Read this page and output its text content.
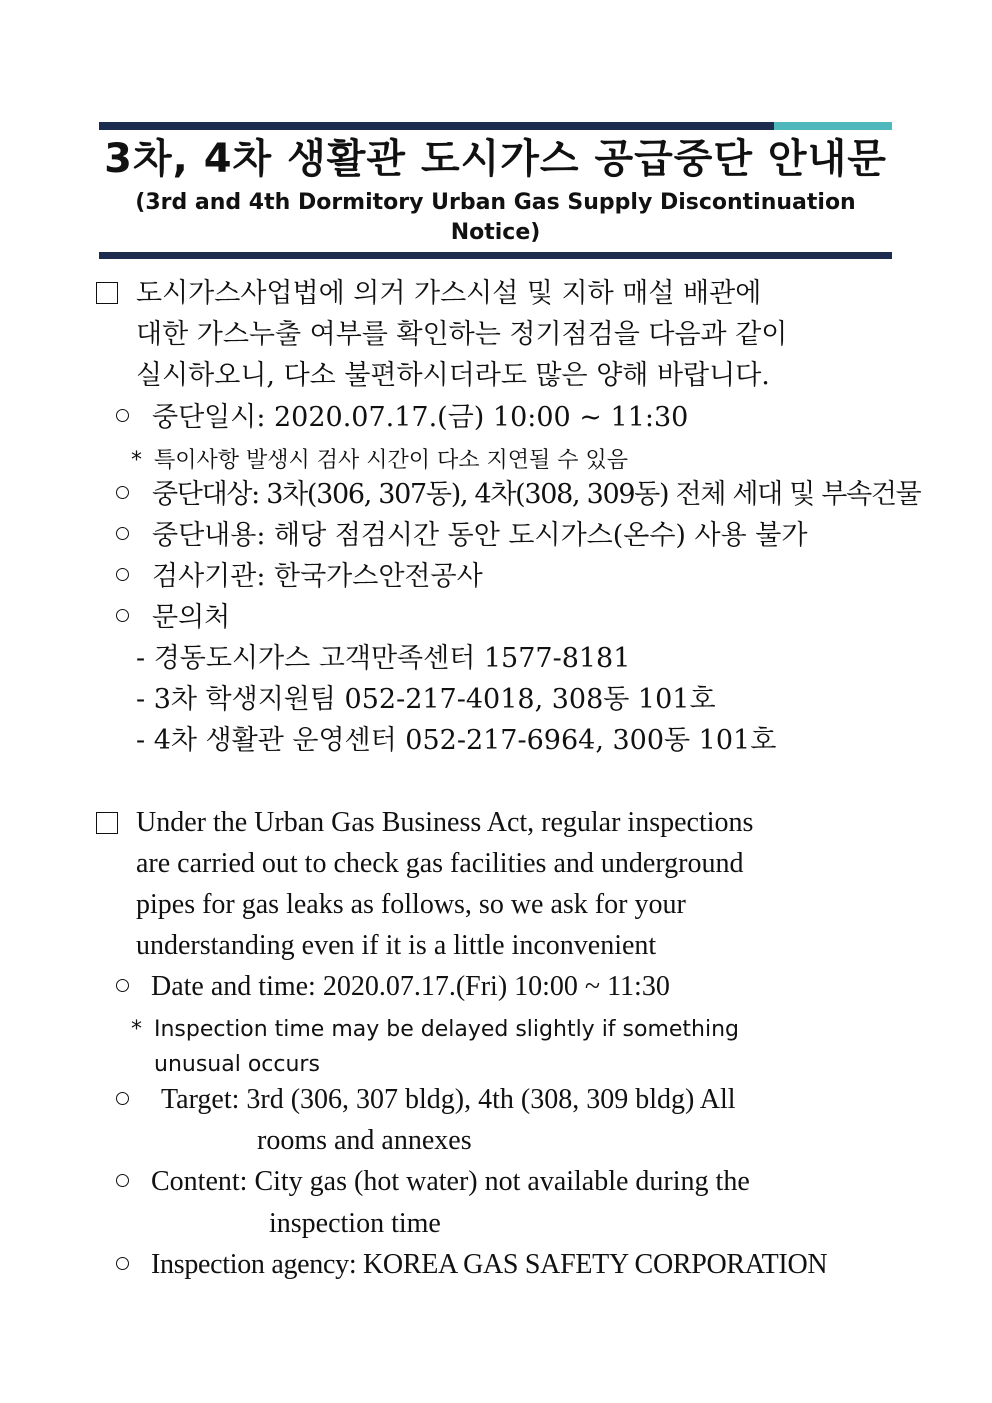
3차, 4차 생활관 도시가스 공급중단 안내문
(3rd and 4th Dormitory Urban Gas Supply Discontinuation Notice)
도시가스사업법에 의거 가스시설 및 지하 매설 배관에
대한 가스누출 여부를 확인하는 정기점검을 다음과 같이
실시하오니, 다소 불편하시더라도 많은 양해 바랍니다.
중단일시: 2020.07.17.(금) 10:00 ~ 11:30
* 특이사항 발생시 검사 시간이 다소 지연될 수 있음
중단대상: 3차(306, 307동), 4차(308, 309동) 전체 세대 및 부속건물
중단내용: 해당 점검시간 동안 도시가스(온수) 사용 불가
검사기관: 한국가스안전공사
문의처
- 경동도시가스 고객만족센터 1577-8181
- 3차 학생지원팀 052-217-4018, 308동 101호
- 4차 생활관 운영센터 052-217-6964, 300동 101호
Under the Urban Gas Business Act, regular inspections
are carried out to check gas facilities and underground
pipes for gas leaks as follows, so we ask for your
understanding even if it is a little inconvenient
Date and time: 2020.07.17.(Fri) 10:00 ~ 11:30
* Inspection time may be delayed slightly if something
unusual occurs
Target: 3rd (306, 307 bldg), 4th (308, 309 bldg) All
rooms and annexes
Content: City gas (hot water) not available during the
inspection time
Inspection agency: KOREA GAS SAFETY CORPORATION
